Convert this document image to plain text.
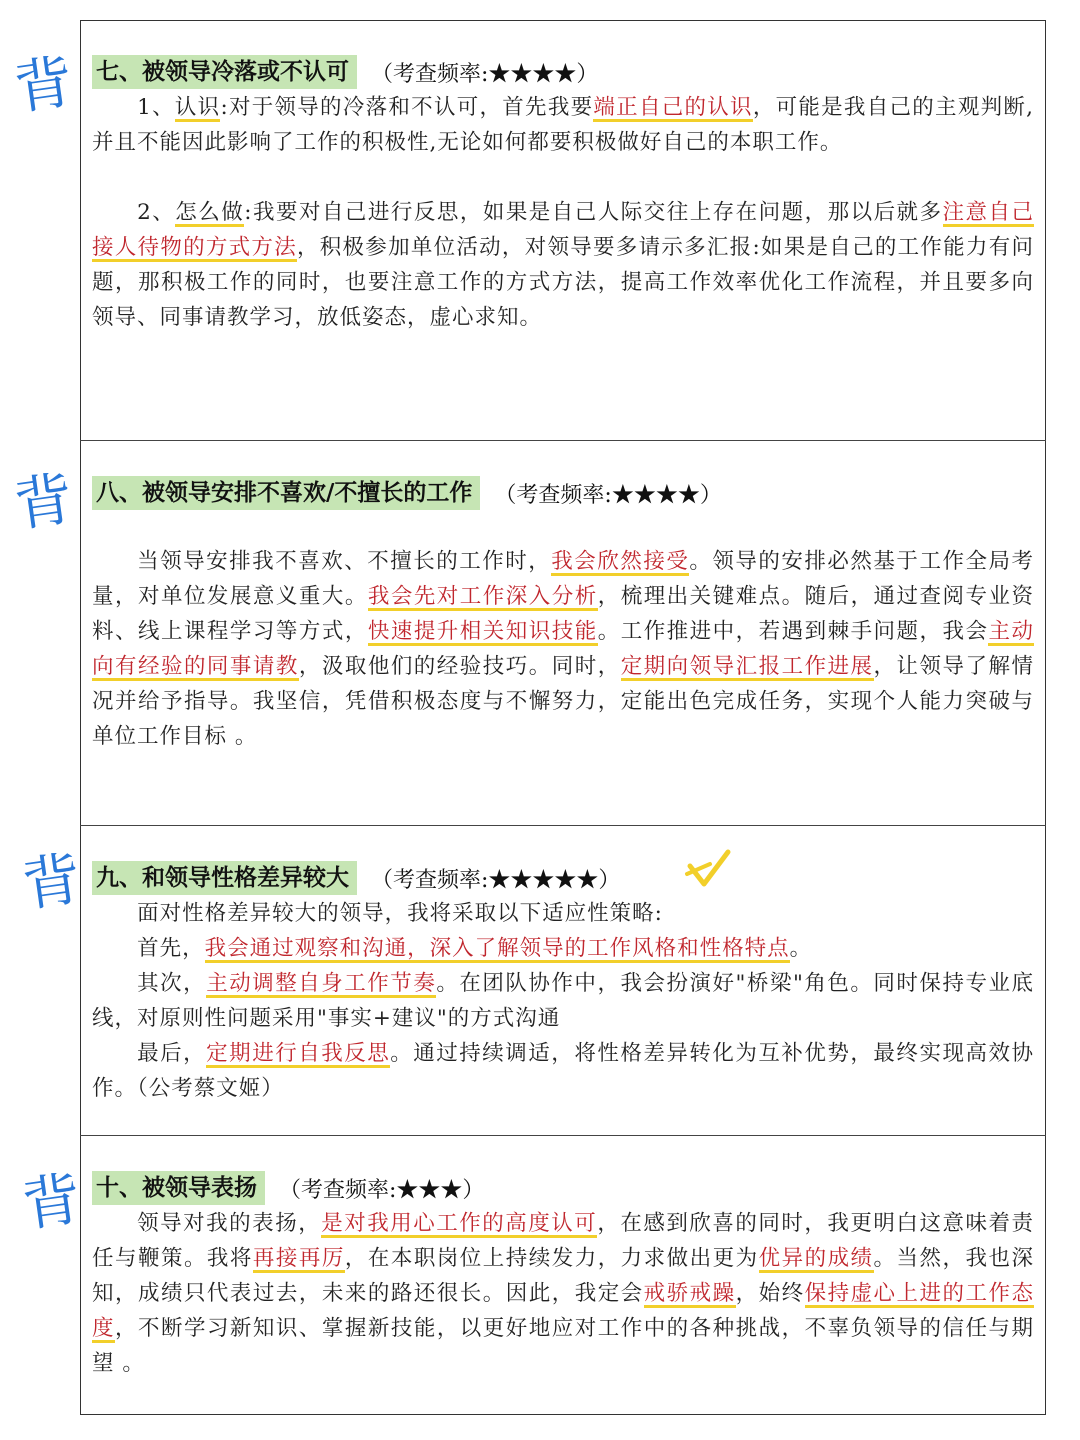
背
背
背
背
七、被领导冷落或不认可	（考查频率:★★★★）

1、认识:对于领导的冷落和不认可，首先我要端正自己的认识，可能是我自己的主观判断,并且不能因此影响了工作的积极性,无论如何都要积极做好自己的本职工作。

2、怎么做:我要对自己进行反思，如果是自己人际交往上存在问题，那以后就多注意自己接人待物的方式方法，积极参加单位活动，对领导要多请示多汇报:如果是自己的工作能力有问题，那积极工作的同时，也要注意工作的方式方法，提高工作效率优化工作流程，并且要多向领导、同事请教学习，放低姿态，虚心求知。

八、被领导安排不喜欢/不擅长的工作	（考查频率:★★★★）

当领导安排我不喜欢、不擅长的工作时，我会欣然接受。领导的安排必然基于工作全局考量，对单位发展意义重大。我会先对工作深入分析，梳理出关键难点。随后，通过查阅专业资料、线上课程学习等方式，快速提升相关知识技能。工作推进中，若遇到棘手问题，我会主动向有经验的同事请教，汲取他们的经验技巧。同时，定期向领导汇报工作进展，让领导了解情况并给予指导。我坚信，凭借积极态度与不懈努力，定能出色完成任务，实现个人能力突破与单位工作目标 。

九、和领导性格差异较大	（考查频率:★★★★★）

面对性格差异较大的领导，我将采取以下适应性策略:

首先，我会通过观察和沟通，深入了解领导的工作风格和性格特点。

其次，主动调整自身工作节奏。在团队协作中，我会扮演好"桥梁"角色。同时保持专业底线，对原则性问题采用"事实+建议"的方式沟通

最后，定期进行自我反思。通过持续调适，将性格差异转化为互补优势，最终实现高效协作。（公考蔡文姬）

十、被领导表扬	（考查频率:★★★）

领导对我的表扬，是对我用心工作的高度认可，在感到欣喜的同时，我更明白这意味着责任与鞭策。我将再接再厉，在本职岗位上持续发力，力求做出更为优异的成绩。当然，我也深知，成绩只代表过去，未来的路还很长。因此，我定会戒骄戒躁，始终保持虚心上进的工作态度，不断学习新知识、掌握新技能，以更好地应对工作中的各种挑战，不辜负领导的信任与期望 。
